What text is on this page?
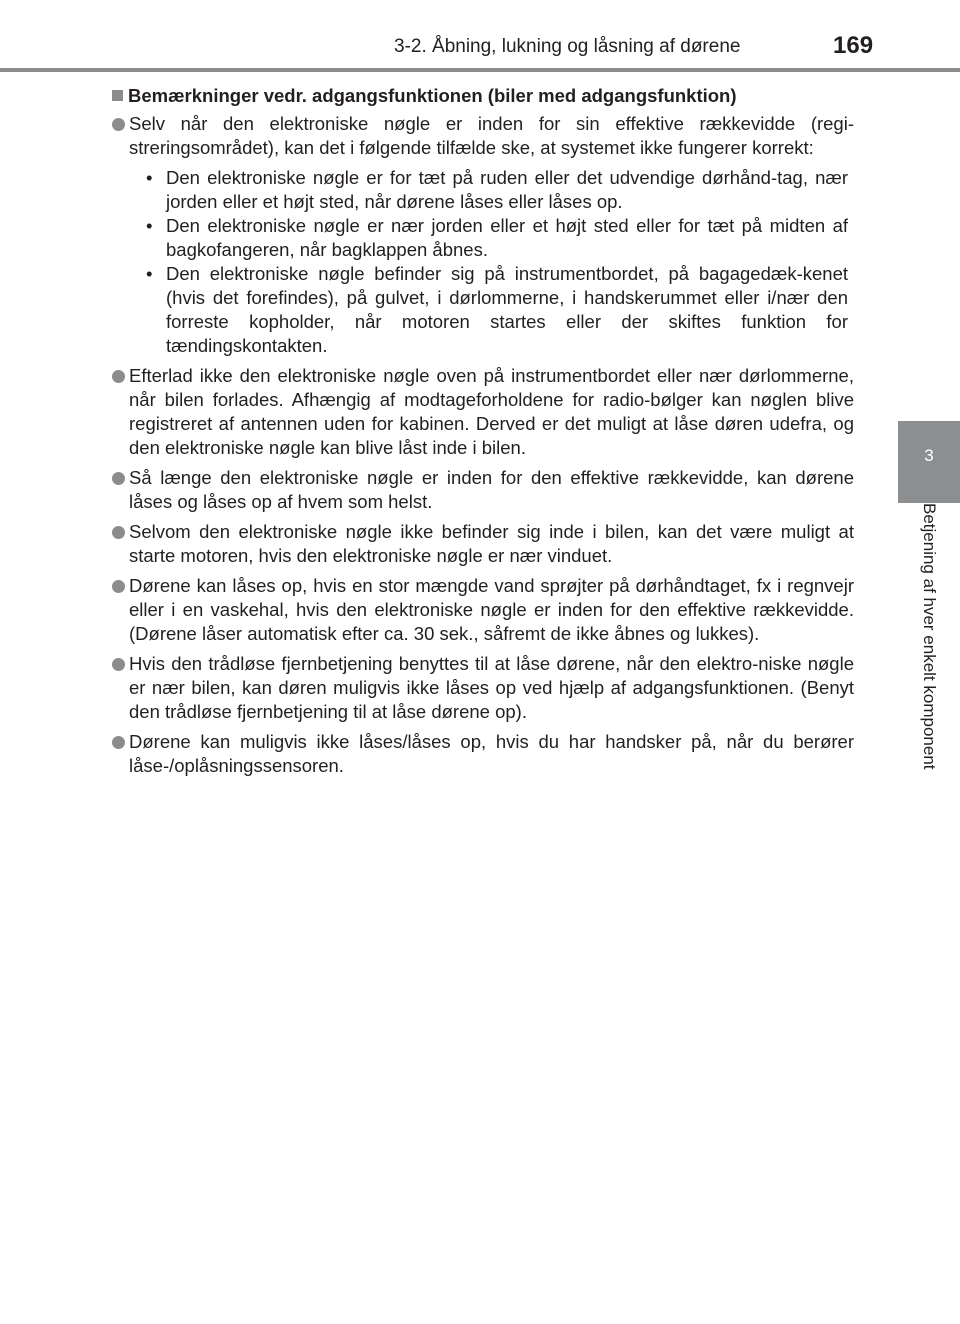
3-2. Åbning, lukning og låsning af dørene	169
3
Betjening af hver enkelt komponent
Bemærkninger vedr. adgangsfunktionen (biler med adgangsfunktion)
Selv når den elektroniske nøgle er inden for sin effektive rækkevidde (regi-streringsområdet), kan det i følgende tilfælde ske, at systemet ikke fungerer korrekt:
• Den elektroniske nøgle er for tæt på ruden eller det udvendige dørhånd-tag, nær jorden eller et højt sted, når dørene låses eller låses op.
• Den elektroniske nøgle er nær jorden eller et højt sted eller for tæt på midten af bagkofangeren, når bagklappen åbnes.
• Den elektroniske nøgle befinder sig på instrumentbordet, på bagagedæk-kenet (hvis det forefindes), på gulvet, i dørlommerne, i handskerummet eller i/nær den forreste kopholder, når motoren startes eller der skiftes funktion for tændingskontakten.
Efterlad ikke den elektroniske nøgle oven på instrumentbordet eller nær dørlommerne, når bilen forlades. Afhængig af modtageforholdene for radio-bølger kan nøglen blive registreret af antennen uden for kabinen. Derved er det muligt at låse døren udefra, og den elektroniske nøgle kan blive låst inde i bilen.
Så længe den elektroniske nøgle er inden for den effektive rækkevidde, kan dørene låses og låses op af hvem som helst.
Selvom den elektroniske nøgle ikke befinder sig inde i bilen, kan det være muligt at starte motoren, hvis den elektroniske nøgle er nær vinduet.
Dørene kan låses op, hvis en stor mængde vand sprøjter på dørhåndtaget, fx i regnvejr eller i en vaskehal, hvis den elektroniske nøgle er inden for den effektive rækkevidde. (Dørene låser automatisk efter ca. 30 sek., såfremt de ikke åbnes og lukkes).
Hvis den trådløse fjernbetjening benyttes til at låse dørene, når den elektro-niske nøgle er nær bilen, kan døren muligvis ikke låses op ved hjælp af adgangsfunktionen. (Benyt den trådløse fjernbetjening til at låse dørene op).
Dørene kan muligvis ikke låses/låses op, hvis du har handsker på, når du berører låse-/oplåsningssensoren.
